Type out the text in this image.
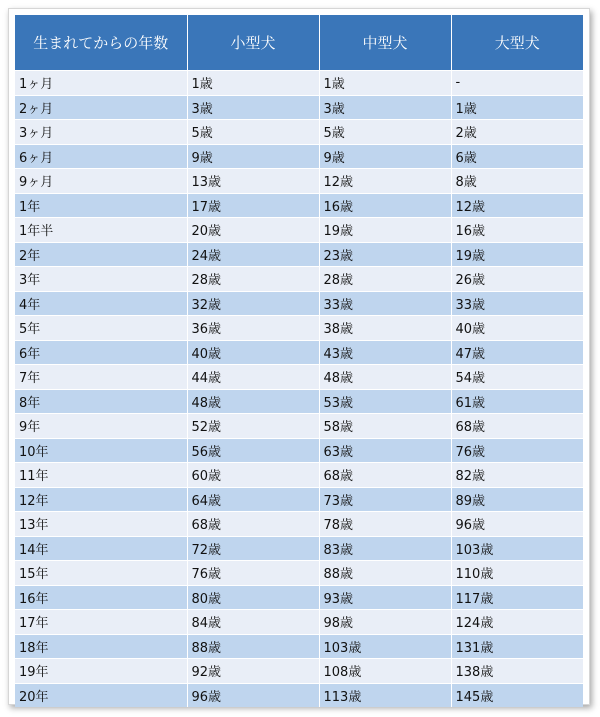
生まれてからの年数	小型犬	中型犬	大型犬
1ヶ月	1歳	1歳	-
2ヶ月	3歳	3歳	1歳
3ヶ月	5歳	5歳	2歳
6ヶ月	9歳	9歳	6歳
9ヶ月	13歳	12歳	8歳
1年	17歳	16歳	12歳
1年半	20歳	19歳	16歳
2年	24歳	23歳	19歳
3年	28歳	28歳	26歳
4年	32歳	33歳	33歳
5年	36歳	38歳	40歳
6年	40歳	43歳	47歳
7年	44歳	48歳	54歳
8年	48歳	53歳	61歳
9年	52歳	58歳	68歳
10年	56歳	63歳	76歳
11年	60歳	68歳	82歳
12年	64歳	73歳	89歳
13年	68歳	78歳	96歳
14年	72歳	83歳	103歳
15年	76歳	88歳	110歳
16年	80歳	93歳	117歳
17年	84歳	98歳	124歳
18年	88歳	103歳	131歳
19年	92歳	108歳	138歳
20年	96歳	113歳	145歳
